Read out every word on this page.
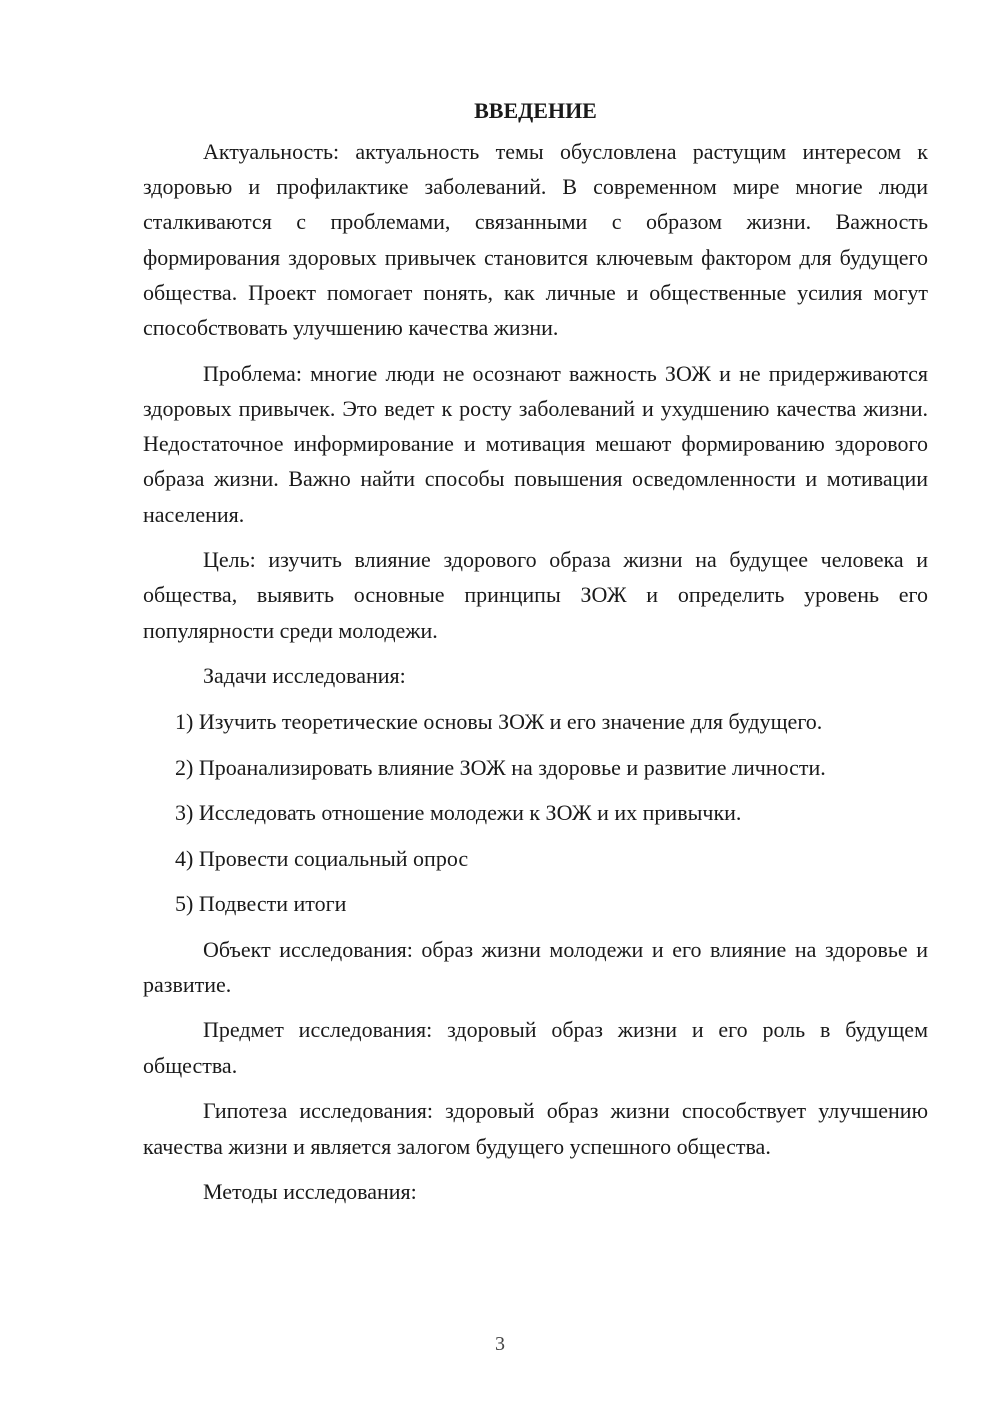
ВВЕДЕНИЕ

Актуальность: актуальность темы обусловлена растущим интересом к здоровью и профилактике заболеваний. В современном мире многие люди сталкиваются с проблемами, связанными с образом жизни. Важность формирования здоровых привычек становится ключевым фактором для будущего общества. Проект помогает понять, как личные и общественные усилия могут способствовать улучшению качества жизни.

Проблема: многие люди не осознают важность ЗОЖ и не придерживаются здоровых привычек. Это ведет к росту заболеваний и ухудшению качества жизни. Недостаточное информирование и мотивация мешают формированию здорового образа жизни. Важно найти способы повышения осведомленности и мотивации населения.

Цель: изучить влияние здорового образа жизни на будущее человека и общества, выявить основные принципы ЗОЖ и определить уровень его популярности среди молодежи.

Задачи исследования:

1) Изучить теоретические основы ЗОЖ и его значение для будущего.
2) Проанализировать влияние ЗОЖ на здоровье и развитие личности.
3) Исследовать отношение молодежи к ЗОЖ и их привычки.
4) Провести социальный опрос
5) Подвести итоги

Объект исследования: образ жизни молодежи и его влияние на здоровье и развитие.

Предмет исследования: здоровый образ жизни и его роль в будущем общества.

Гипотеза исследования: здоровый образ жизни способствует улучшению качества жизни и является залогом будущего успешного общества.

Методы исследования:

3
